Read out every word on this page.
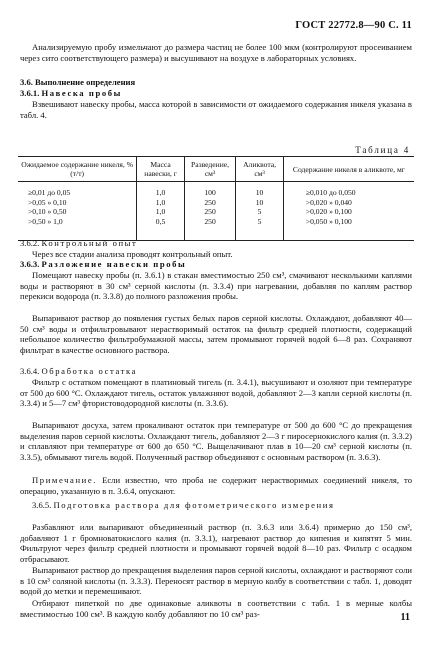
ГОСТ 22772.8—90 С. 11
Анализируемую пробу измельчают до размера частиц не более 100 мкм (контролируют просеиванием через сито соответствующего размера) и высушивают на воздухе в лабораторных условиях.
3.6. Выполнение определения
3.6.1. Навеска пробы
Взвешивают навеску пробы, масса которой в зависимости от ожидаемого содержания никеля указана в табл. 4.
Таблица 4
Ожидаемое содержание никеля, % (т/т)	Масса навески, г	Разведение, см³	Аликвота, см³	Содержание никеля в аликвоте, мг

≥0,01 до 0,05	1,0	100	10	≥0,010 до 0,050
>0,05 » 0,10	1,0	250	10	>0,020 » 0,040
>0,10 » 0,50	1,0	250	5	>0,020 » 0,100
>0,50 » 1,0	0,5	250	5	>0,050 » 0,100

3.6.2. Контрольный опыт
Через все стадии анализа проводят контрольный опыт.
3.6.3. Разложение навески пробы
Помещают навеску пробы (п. 3.6.1) в стакан вместимостью 250 см³, смачивают несколькими каплями воды и растворяют в 30 см³ серной кислоты (п. 3.3.4) при нагревании, добавляя по каплям раствор перекиси водорода (п. 3.3.8) до полного разложения пробы.
Выпаривают раствор до появления густых белых паров серной кислоты. Охлаждают, добавляют 40—50 см³ воды и отфильтровывают нерастворимый остаток на фильтр средней плотности, содержащий небольшое количество фильтробумажной массы, затем промывают горячей водой 6—8 раз. Сохраняют фильтрат в качестве основного раствора.
3.6.4. Обработка остатка
Фильтр с остатком помещают в платиновый тигель (п. 3.4.1), высушивают и озоляют при температуре от 500 до 600 °С. Охлаждают тигель, остаток увлажняют водой, добавляют 2—3 капли серной кислоты (п. 3.3.4) и 5—7 см³ фтористоводородной кислоты (п. 3.3.6).
Выпаривают досуха, затем прокаливают остаток при температуре от 500 до 600 °С до прекращения выделения паров серной кислоты. Охлаждают тигель, добавляют 2—3 г пиросернокислого калия (п. 3.3.2) и сплавляют при температуре от 600 до 650 °С. Выщелачивают плав в 10—20 см³ серной кислоты (п. 3.3.5), обмывают тигель водой. Полученный раствор объединяют с основным раствором (п. 3.6.3).
Примечание. Если известно, что проба не содержит нерастворимых соединений никеля, то операцию, указанную в п. 3.6.4, опускают.
3.6.5. Подготовка раствора для фотометрического измерения
Разбавляют или выпаривают объединенный раствор (п. 3.6.3 или 3.6.4) примерно до 150 см³, добавляют 1 г бромноватокислого калия (п. 3.3.1), нагревают раствор до кипения и кипятят 5 мин. Фильтруют через фильтр средней плотности и промывают горячей водой 8—10 раз. Фильтр с осадком отбрасывают.
Выпаривают раствор до прекращения выделения паров серной кислоты, охлаждают и растворяют соли в 10 см³ соляной кислоты (п. 3.3.3). Переносят раствор в мерную колбу в соответствии с табл. 1, доводят водой до метки и перемешивают.
Отбирают пипеткой по две одинаковые аликвоты в соответствии с табл. 1 в мерные колбы вместимостью 100 см³. В каждую колбу добавляют по 10 см³ раз-	11
